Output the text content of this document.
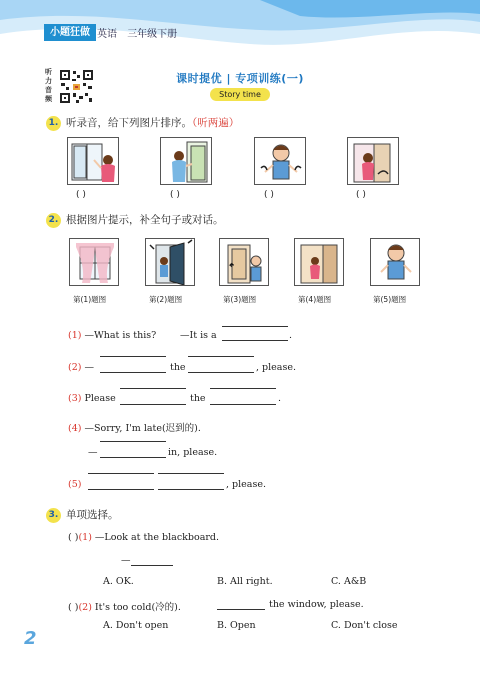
小题狂做 英语 三年级下册
听力音频
课时提优 | 专项训练(一)
Story time
1. 听录音，给下列图片排序。（听两遍）
( )	( )	( )	( )
2. 根据图片提示，补全句子或对话。
第(1)题图	第(2)题图	第(3)题图	第(4)题图	第(5)题图
(1) —What is this?	—It is a	.
(2) —	the	, please.
(3) Please	the	.
(4) —Sorry, I'm late(迟到的).
—	in, please.
(5)	, please.
3. 单项选择。
( )(1) —Look at the blackboard.
—
A. OK.	B. All right.	C. A&B
( )(2) It's too cold(冷的).	the window, please.
A. Don't open	B. Open	C. Don't close
2
